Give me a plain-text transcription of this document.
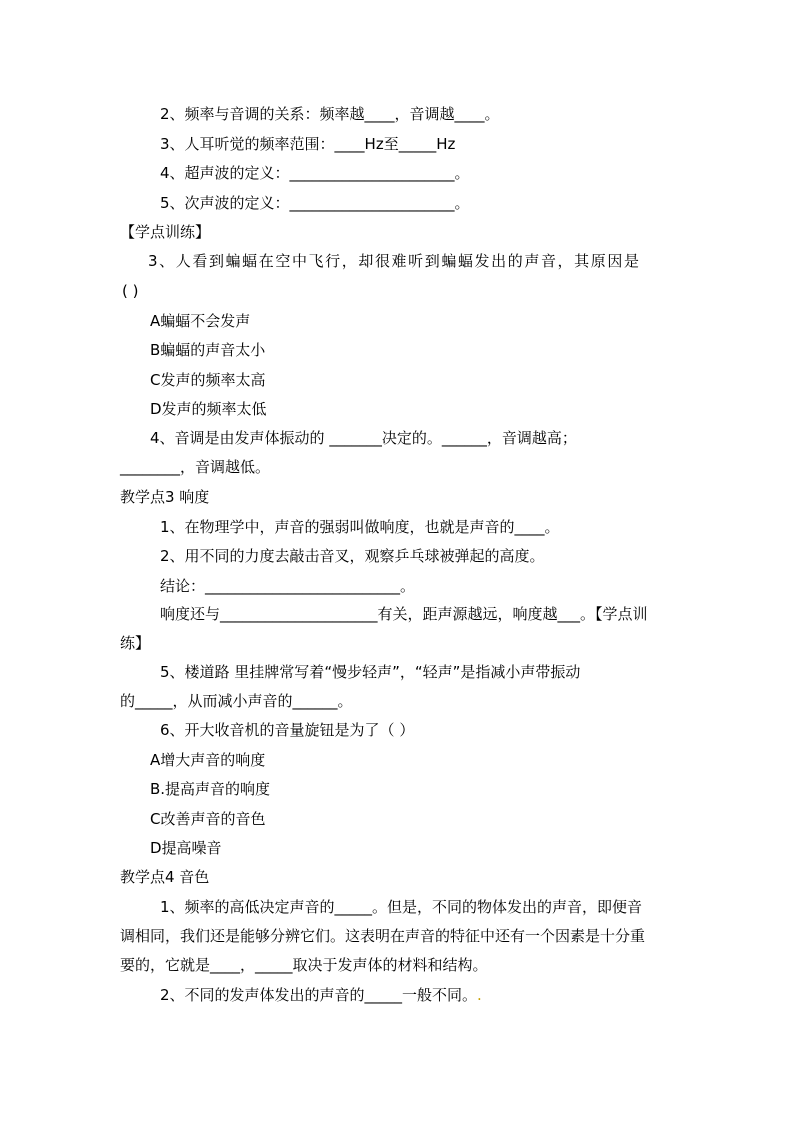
2、频率与音调的关系：频率越____，音调越____。
3、人耳听觉的频率范围：____Hz至_____Hz
4、超声波的定义：______________________。
5、次声波的定义：______________________。
【学点训练】
3、人看到蝙蝠在空中飞行，却很难听到蝙蝠发出的声音，其原因是
( )
A蝙蝠不会发声
B蝙蝠的声音太小
C发声的频率太高
D发声的频率太低
4、音调是由发声体振动的 _______决定的。______，音调越高；
________，音调越低。
教学点3 响度
1、在物理学中，声音的强弱叫做响度，也就是声音的____。
2、用不同的力度去敲击音叉，观察乒乓球被弹起的高度。
结论：__________________________。
响度还与_____________________有关，距声源越远，响度越___。【学点训
练】
5、楼道路 里挂牌常写着“慢步轻声”，“轻声”是指减小声带振动
的_____，从而减小声音的______。
6、开大收音机的音量旋钮是为了（ ）
A增大声音的响度
B.提高声音的响度
C改善声音的音色
D提高噪音
教学点4 音色
1、频率的高低决定声音的_____。但是，不同的物体发出的声音，即便音
调相同，我们还是能够分辨它们。这表明在声音的特征中还有一个因素是十分重
要的，它就是____，_____取决于发声体的材料和结构。
2、不同的发声体发出的声音的_____一般不同。.
